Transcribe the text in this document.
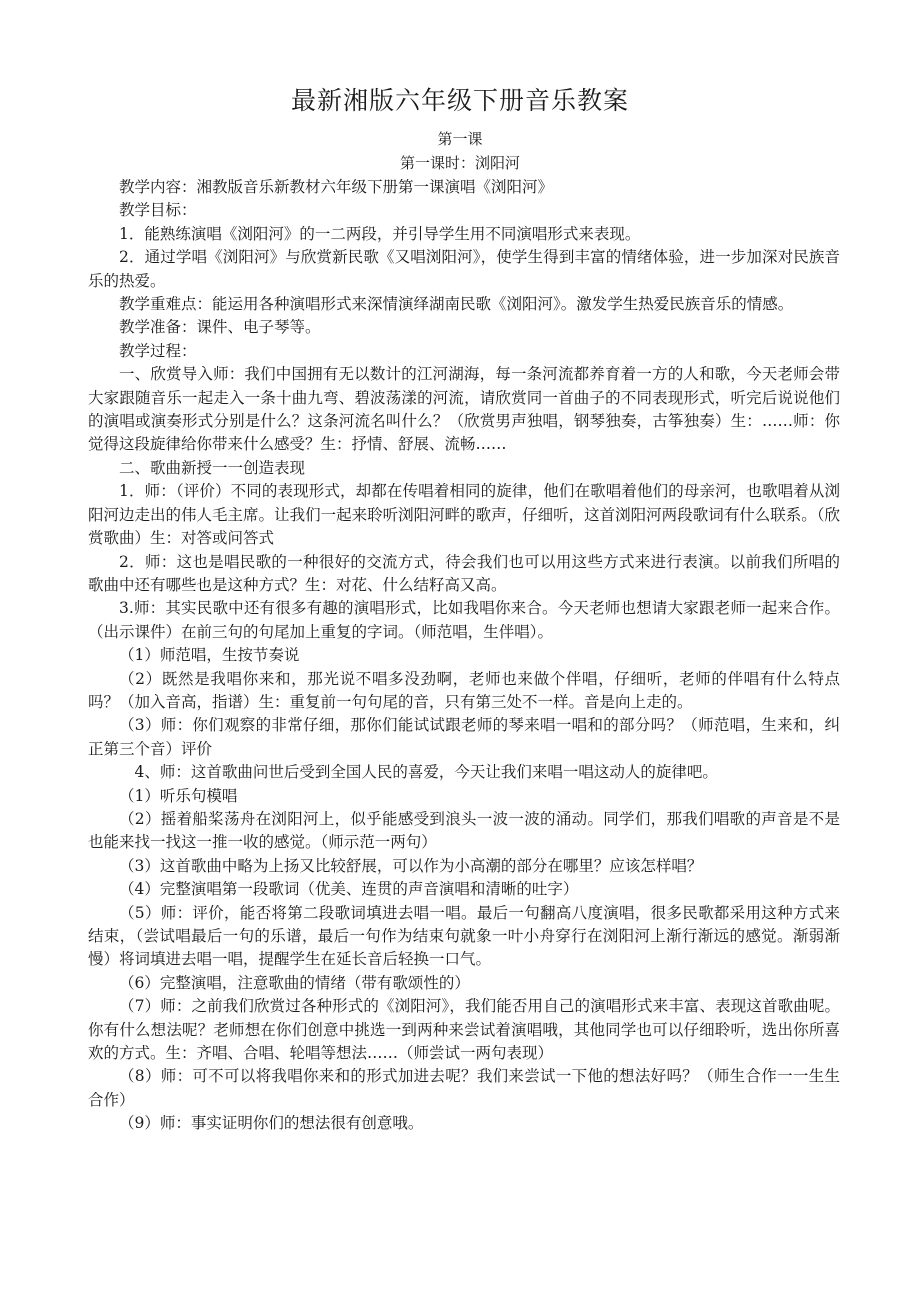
最新湘版六年级下册音乐教案
第一课
第一课时：浏阳河

教学内容：湘教版音乐新教材六年级下册第一课演唱《浏阳河》

教学目标：

1．能熟练演唱《浏阳河》的一二两段，并引导学生用不同演唱形式来表现。

2．通过学唱《浏阳河》与欣赏新民歌《又唱浏阳河》，使学生得到丰富的情绪体验，进一步加深对民族音乐的热爱。

教学重难点：能运用各种演唱形式来深情演绎湖南民歌《浏阳河》。激发学生热爱民族音乐的情感。

教学准备：课件、电子琴等。

教学过程：

一、欣赏导入师：我们中国拥有无以数计的江河湖海，每一条河流都养育着一方的人和歌，今天老师会带大家跟随音乐一起走入一条十曲九弯、碧波荡漾的河流，请欣赏同一首曲子的不同表现形式，听完后说说他们的演唱或演奏形式分别是什么？这条河流名叫什么？（欣赏男声独唱，钢琴独奏，古筝独奏）生：……师：你觉得这段旋律给你带来什么感受？生：抒情、舒展、流畅……

二、歌曲新授一一创造表现

1．师：（评价）不同的表现形式，却都在传唱着相同的旋律，他们在歌唱着他们的母亲河，也歌唱着从浏阳河边走出的伟人毛主席。让我们一起来聆听浏阳河畔的歌声，仔细听，这首浏阳河两段歌词有什么联系。（欣赏歌曲）生：对答或问答式

2．师：这也是唱民歌的一种很好的交流方式，待会我们也可以用这些方式来进行表演。以前我们所唱的歌曲中还有哪些也是这种方式？生：对花、什么结籽高又高。

3.师：其实民歌中还有很多有趣的演唱形式，比如我唱你来合。今天老师也想请大家跟老师一起来合作。（出示课件）在前三句的句尾加上重复的字词。（师范唱，生伴唱）。

（1）师范唱，生按节奏说

（2）既然是我唱你来和，那光说不唱多没劲啊，老师也来做个伴唱，仔细听，老师的伴唱有什么特点吗？（加入音高，指谱）生：重复前一句句尾的音，只有第三处不一样。音是向上走的。

（3）师：你们观察的非常仔细，那你们能试试跟老师的琴来唱一唱和的部分吗？（师范唱，生来和，纠正第三个音）评价

4、师：这首歌曲问世后受到全国人民的喜爱，今天让我们来唱一唱这动人的旋律吧。

（1）听乐句模唱

（2）摇着船桨荡舟在浏阳河上，似乎能感受到浪头一波一波的涌动。同学们，那我们唱歌的声音是不是也能来找一找这一推一收的感觉。（师示范一两句）

（3）这首歌曲中略为上扬又比较舒展，可以作为小高潮的部分在哪里？应该怎样唱？

（4）完整演唱第一段歌词（优美、连贯的声音演唱和清晰的吐字）

（5）师：评价，能否将第二段歌词填进去唱一唱。最后一句翻高八度演唱，很多民歌都采用这种方式来结束，（尝试唱最后一句的乐谱，最后一句作为结束句就象一叶小舟穿行在浏阳河上渐行渐远的感觉。渐弱渐慢）将词填进去唱一唱，提醒学生在延长音后轻换一口气。

（6）完整演唱，注意歌曲的情绪（带有歌颂性的）

（7）师：之前我们欣赏过各种形式的《浏阳河》，我们能否用自己的演唱形式来丰富、表现这首歌曲呢。你有什么想法呢？老师想在你们创意中挑选一到两种来尝试着演唱哦，其他同学也可以仔细聆听，选出你所喜欢的方式。生：齐唱、合唱、轮唱等想法……（师尝试一两句表现）

（8）师：可不可以将我唱你来和的形式加进去呢？我们来尝试一下他的想法好吗？（师生合作一一生生合作）

（9）师：事实证明你们的想法很有创意哦。
